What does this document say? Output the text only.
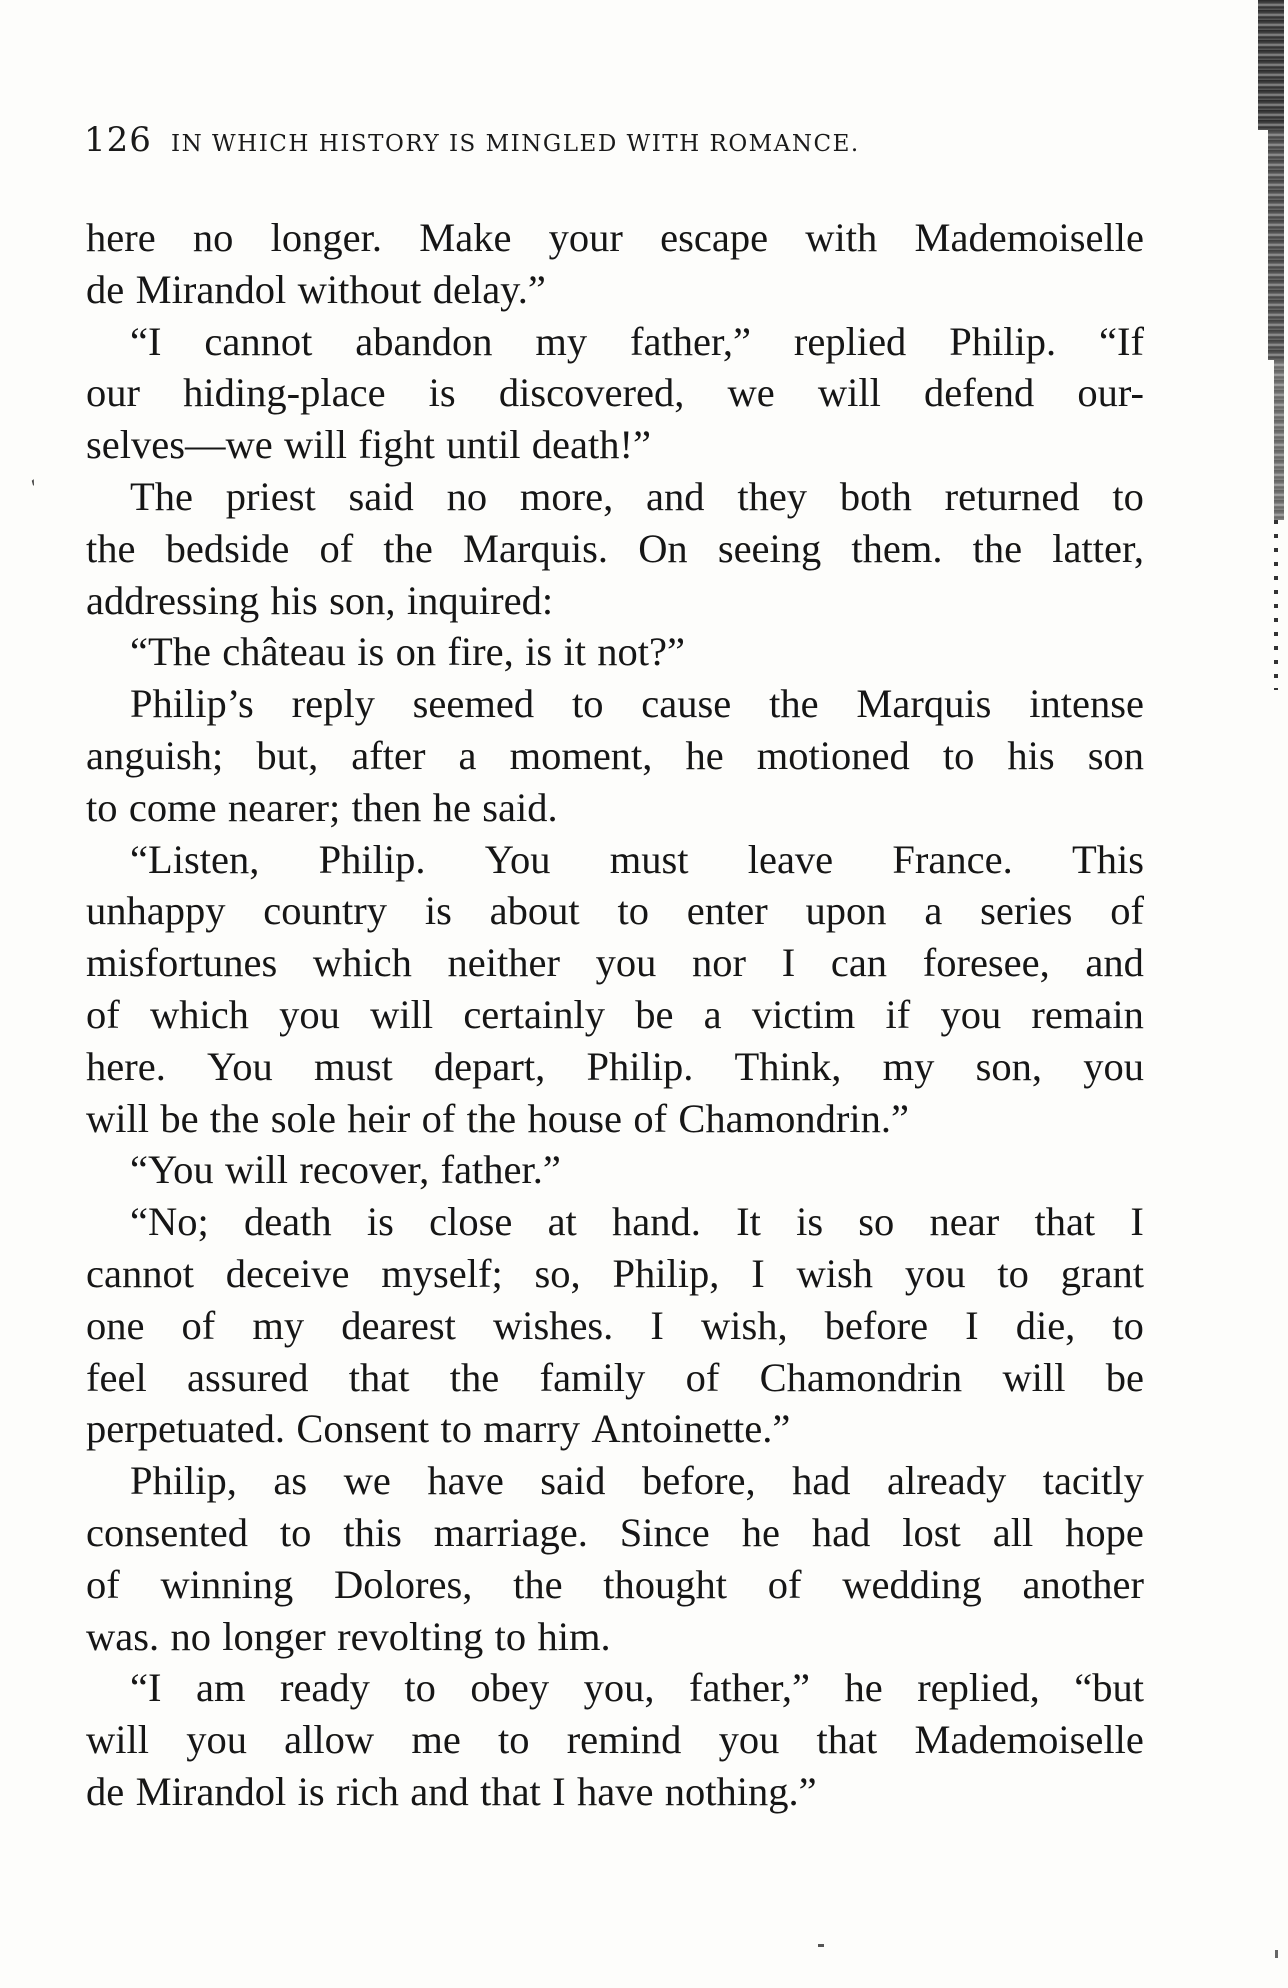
126 IN WHICH HISTORY IS MINGLED WITH ROMANCE.
here no longer. Make your escape with Mademoiselle
de Mirandol without delay.”
“I cannot abandon my father,” replied Philip. “If
our hiding-place is discovered, we will defend our-
selves—we will fight until death!”
The priest said no more, and they both returned to
the bedside of the Marquis. On seeing them. the latter,
addressing his son, inquired:
“The château is on fire, is it not?”
Philip’s reply seemed to cause the Marquis intense
anguish; but, after a moment, he motioned to his son
to come nearer; then he said.
“Listen, Philip. You must leave France. This
unhappy country is about to enter upon a series of
misfortunes which neither you nor I can foresee, and
of which you will certainly be a victim if you remain
here. You must depart, Philip. Think, my son, you
will be the sole heir of the house of Chamondrin.”
“You will recover, father.”
“No; death is close at hand. It is so near that I
cannot deceive myself; so, Philip, I wish you to grant
one of my dearest wishes. I wish, before I die, to
feel assured that the family of Chamondrin will be
perpetuated. Consent to marry Antoinette.”
Philip, as we have said before, had already tacitly
consented to this marriage. Since he had lost all hope
of winning Dolores, the thought of wedding another
was. no longer revolting to him.
“I am ready to obey you, father,” he replied, “but
will you allow me to remind you that Mademoiselle
de Mirandol is rich and that I have nothing.”
′
